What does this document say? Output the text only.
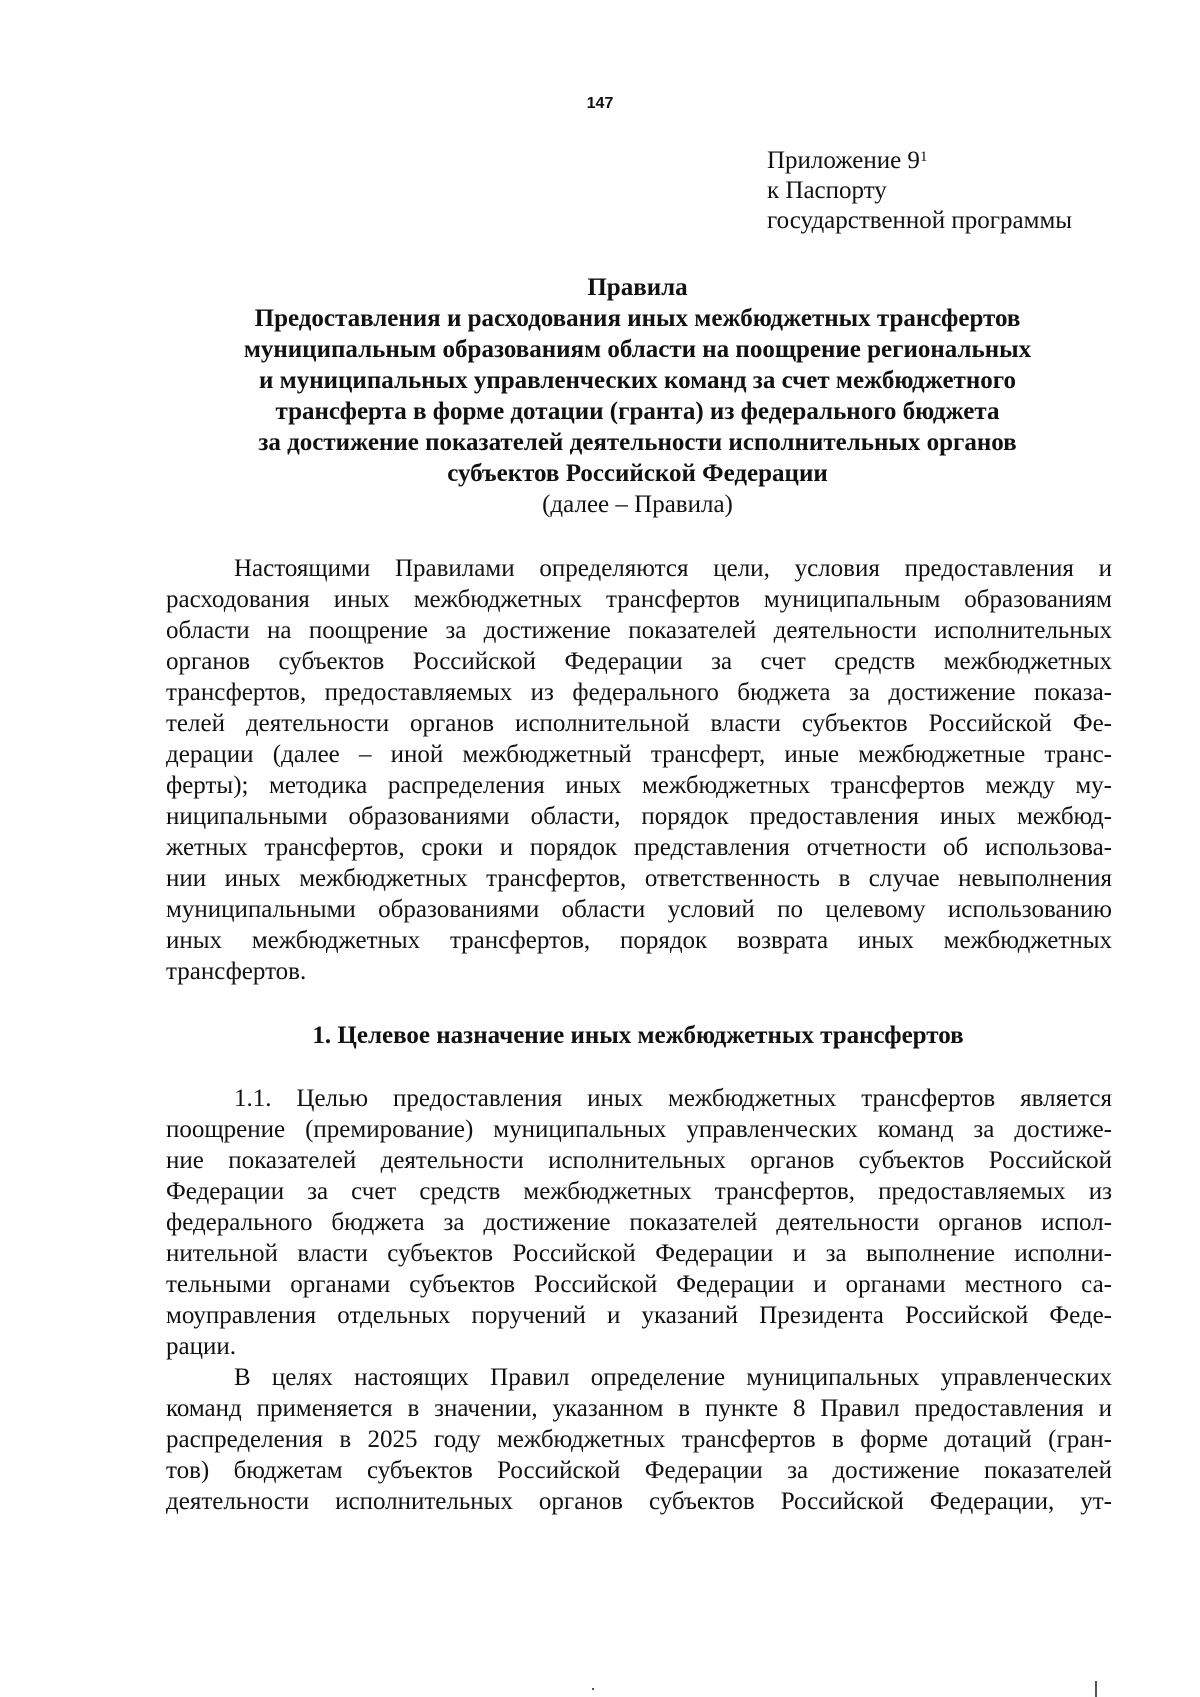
147
Приложение $9^1$
к Паспорту
государственной программы
Правила
Предоставления и расходования иных межбюджетных трансфертов
муниципальным образованиям области на поощрение региональных
и муниципальных управленческих команд за счет межбюджетного
трансферта в форме дотации (гранта) из федерального бюджета
за достижение показателей деятельности исполнительных органов
субъектов Российской Федерации
(далее – Правила)
Настоящими Правилами определяются цели, условия предоставления и
расходования иных межбюджетных трансфертов муниципальным образованиям
области на поощрение за достижение показателей деятельности исполнительных
органов субъектов Российской Федерации за счет средств межбюджетных
трансфертов, предоставляемых из федерального бюджета за достижение показа-
телей деятельности органов исполнительной власти субъектов Российской Фе-
дерации (далее – иной межбюджетный трансферт, иные межбюджетные транс-
ферты); методика распределения иных межбюджетных трансфертов между му-
ниципальными образованиями области, порядок предоставления иных межбюд-
жетных трансфертов, сроки и порядок представления отчетности об использова-
нии иных межбюджетных трансфертов, ответственность в случае невыполнения
муниципальными образованиями области условий по целевому использованию
иных межбюджетных трансфертов, порядок возврата иных межбюджетных
трансфертов.
1. Целевое назначение иных межбюджетных трансфертов
1.1. Целью предоставления иных межбюджетных трансфертов является
поощрение (премирование) муниципальных управленческих команд за достиже-
ние показателей деятельности исполнительных органов субъектов Российской
Федерации за счет средств межбюджетных трансфертов, предоставляемых из
федерального бюджета за достижение показателей деятельности органов испол-
нительной власти субъектов Российской Федерации и за выполнение исполни-
тельными органами субъектов Российской Федерации и органами местного са-
моуправления отдельных поручений и указаний Президента Российской Феде-
рации.
В целях настоящих Правил определение муниципальных управленческих
команд применяется в значении, указанном в пункте 8 Правил предоставления и
распределения в 2025 году межбюджетных трансфертов в форме дотаций (гран-
тов) бюджетам субъектов Российской Федерации за достижение показателей
деятельности исполнительных органов субъектов Российской Федерации, ут-
